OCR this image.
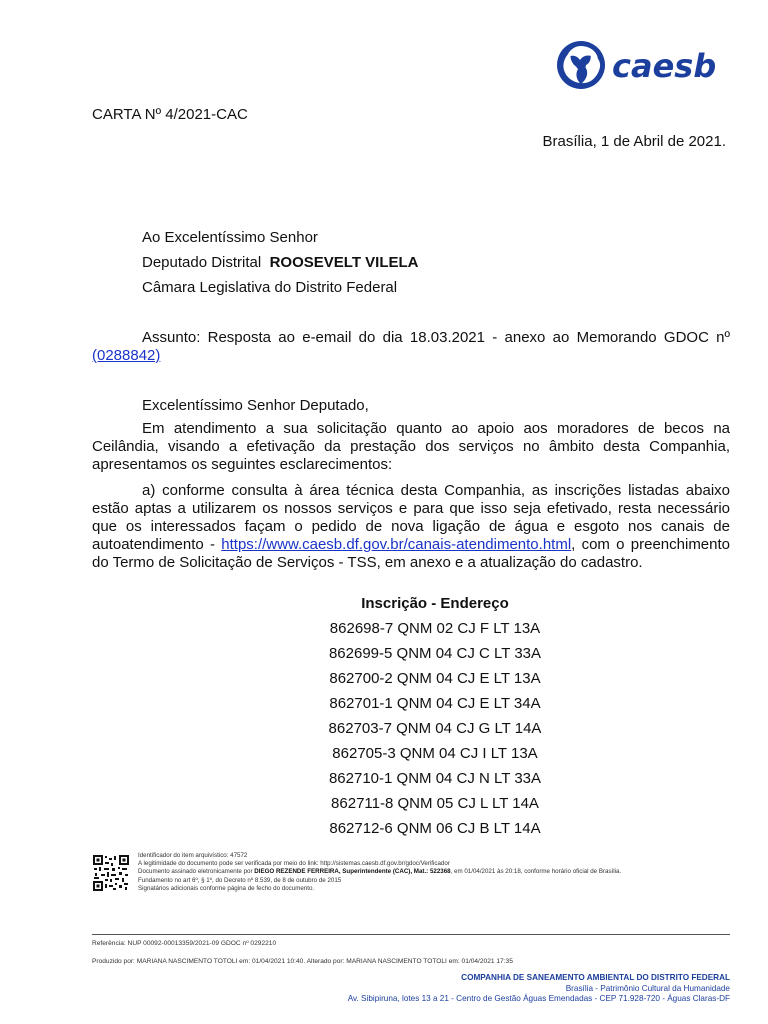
caesb
CARTA Nº 4/2021-CAC
Brasília, 1 de Abril de 2021.
Ao Excelentíssimo Senhor
Deputado Distrital ROOSEVELT VILELA
Câmara Legislativa do Distrito Federal
Assunto: Resposta ao e-email do dia 18.03.2021 - anexo ao Memorando GDOC nº (0288842)
Excelentíssimo Senhor Deputado,
Em atendimento a sua solicitação quanto ao apoio aos moradores de becos na Ceilândia, visando a efetivação da prestação dos serviços no âmbito desta Companhia, apresentamos os seguintes esclarecimentos:
a) conforme consulta à área técnica desta Companhia, as inscrições listadas abaixo estão aptas a utilizarem os nossos serviços e para que isso seja efetivado, resta necessário que os interessados façam o pedido de nova ligação de água e esgoto nos canais de autoatendimento - https://www.caesb.df.gov.br/canais-atendimento.html, com o preenchimento do Termo de Solicitação de Serviços - TSS, em anexo e a atualização do cadastro.
Inscrição - Endereço
862698-7 QNM 02 CJ F LT 13A
862699-5 QNM 04 CJ C LT 33A
862700-2 QNM 04 CJ E LT 13A
862701-1 QNM 04 CJ E LT 34A
862703-7 QNM 04 CJ G LT 14A
862705-3 QNM 04 CJ I LT 13A
862710-1 QNM 04 CJ N LT 33A
862711-8 QNM 05 CJ L LT 14A
862712-6 QNM 06 CJ B LT 14A
Identificador do item arquivístico: 47572
A legitimidade do documento pode ser verificada por meio do link: http://sistemas.caesb.df.gov.br/gdoc/Verificador
Documento assinado eletronicamente por DIEGO REZENDE FERREIRA, Superintendente (CAC), Mat.: 522368, em 01/04/2021 às 20:18, conforme horário oficial de Brasília.
Fundamento no art 6º, § 1º, do Decreto nº 8.539, de 8 de outubro de 2015
Signatários adicionais conforme página de fecho do documento.
Referência: NUP 00092-00013359/2021-09 GDOC nº 0292210
Produzido por: MARIANA NASCIMENTO TOTOLI em: 01/04/2021 10:40. Alterado por: MARIANA NASCIMENTO TOTOLI em: 01/04/2021 17:35
COMPANHIA DE SANEAMENTO AMBIENTAL DO DISTRITO FEDERAL
Brasília - Patrimônio Cultural da Humanidade
Av. Sibipiruna, lotes 13 a 21 - Centro de Gestão Águas Emendadas - CEP 71.928-720 - Águas Claras-DF
